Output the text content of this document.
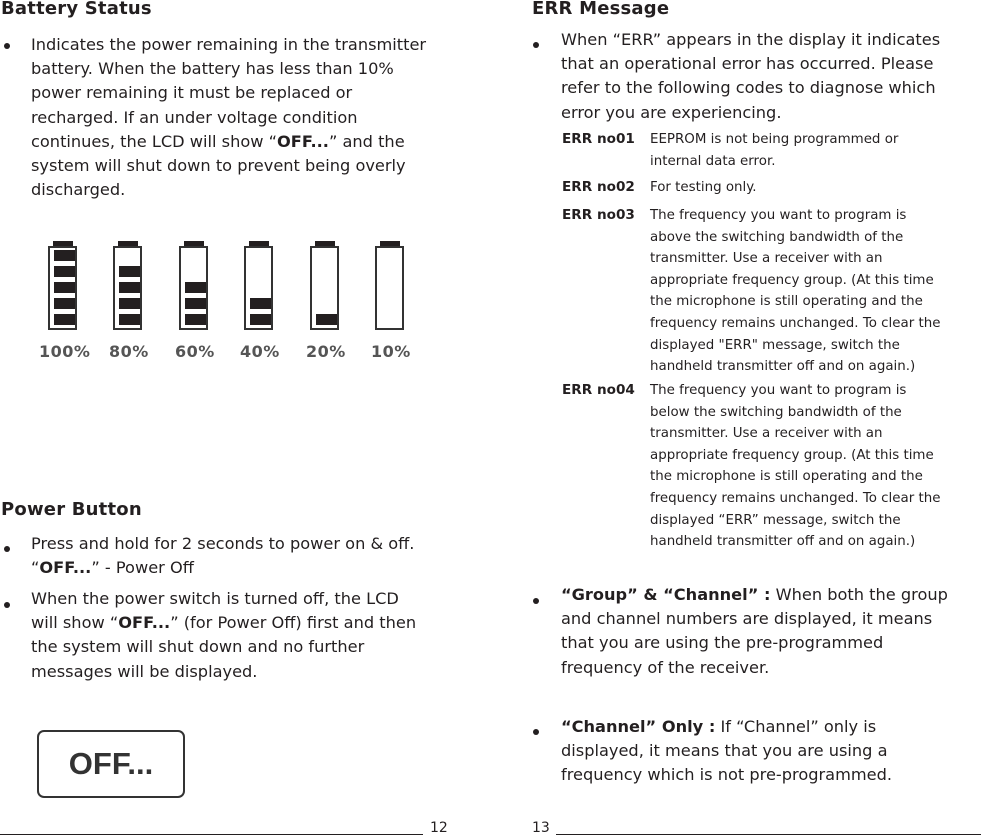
Battery Status
Indicates the power remaining in the transmitter
battery. When the battery has less than 10%
power remaining it must be replaced or
recharged. If an under voltage condition
continues, the LCD will show “OFF...” and the
system will shut down to prevent being overly
discharged.
100% 80% 60% 40% 20% 10%
Power Button
Press and hold for 2 seconds to power on & off.
“OFF...” - Power Off
When the power switch is turned off, the LCD
will show “OFF...” (for Power Off) first and then
the system will shut down and no further
messages will be displayed.
OFF...
12
ERR Message
When “ERR” appears in the display it indicates
that an operational error has occurred. Please
refer to the following codes to diagnose which
error you are experiencing.
ERR no01 EEPROM is not being programmed or
internal data error.
ERR no02 For testing only.
ERR no03 The frequency you want to program is
above the switching bandwidth of the
transmitter. Use a receiver with an
appropriate frequency group. (At this time
the microphone is still operating and the
frequency remains unchanged. To clear the
displayed "ERR" message, switch the
handheld transmitter off and on again.)
ERR no04 The frequency you want to program is
below the switching bandwidth of the
transmitter. Use a receiver with an
appropriate frequency group. (At this time
the microphone is still operating and the
frequency remains unchanged. To clear the
displayed “ERR” message, switch the
handheld transmitter off and on again.)
“Group” & “Channel” : When both the group
and channel numbers are displayed, it means
that you are using the pre-programmed
frequency of the receiver.
“Channel” Only : If “Channel” only is
displayed, it means that you are using a
frequency which is not pre-programmed.
13
